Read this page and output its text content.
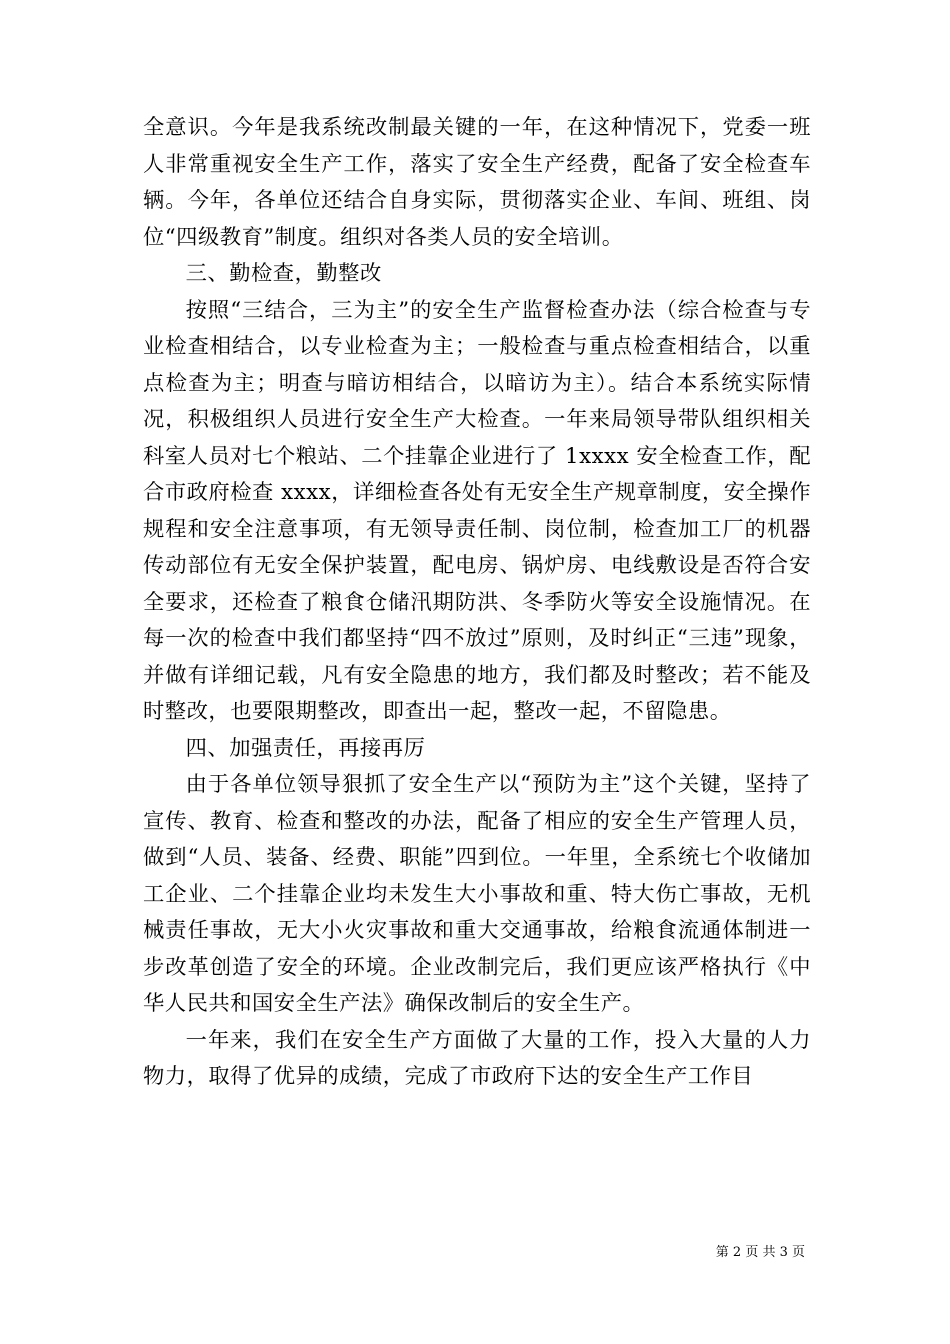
全意识。今年是我系统改制最关键的一年，在这种情况下，党委一班人非常重视安全生产工作，落实了安全生产经费，配备了安全检查车辆。今年，各单位还结合自身实际，贯彻落实企业、车间、班组、岗位“四级教育”制度。组织对各类人员的安全培训。

三、勤检查，勤整改

按照“三结合，三为主”的安全生产监督检查办法（综合检查与专业检查相结合，以专业检查为主；一般检查与重点检查相结合，以重点检查为主；明查与暗访相结合，以暗访为主）。结合本系统实际情况，积极组织人员进行安全生产大检查。一年来局领导带队组织相关科室人员对七个粮站、二个挂靠企业进行了 1xxxx 安全检查工作，配合市政府检查 xxxx，详细检查各处有无安全生产规章制度，安全操作规程和安全注意事项，有无领导责任制、岗位制，检查加工厂的机器传动部位有无安全保护装置，配电房、锅炉房、电线敷设是否符合安全要求，还检查了粮食仓储汛期防洪、冬季防火等安全设施情况。在每一次的检查中我们都坚持“四不放过”原则，及时纠正“三违”现象，并做有详细记载，凡有安全隐患的地方，我们都及时整改；若不能及时整改，也要限期整改，即查出一起，整改一起，不留隐患。

四、加强责任，再接再厉

由于各单位领导狠抓了安全生产以“预防为主”这个关键，坚持了宣传、教育、检查和整改的办法，配备了相应的安全生产管理人员，做到“人员、装备、经费、职能”四到位。一年里，全系统七个收储加工企业、二个挂靠企业均未发生大小事故和重、特大伤亡事故，无机械责任事故，无大小火灾事故和重大交通事故，给粮食流通体制进一步改革创造了安全的环境。企业改制完后，我们更应该严格执行《中华人民共和国安全生产法》确保改制后的安全生产。

一年来，我们在安全生产方面做了大量的工作，投入大量的人力物力，取得了优异的成绩，完成了市政府下达的安全生产工作目

第 2 页 共 3 页
